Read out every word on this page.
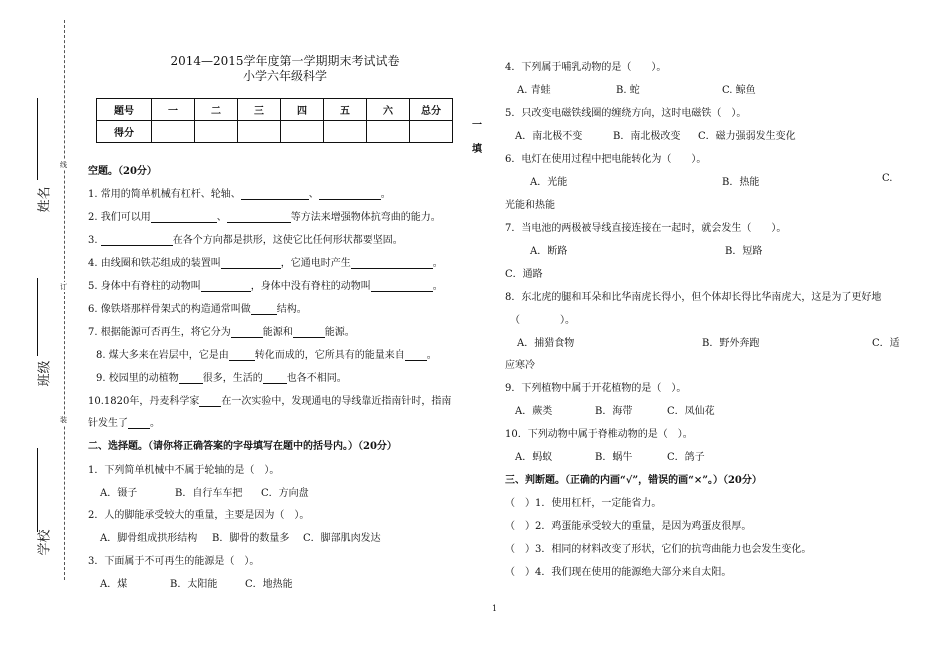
线
订
装
姓名
班级
学校
2014—2015学年度第一学期期末考试试卷
小学六年级科学
题号	一	二	三	四	五	六	总分
得分							
一
填
空题。（20分）
1. 常用的简单机械有杠杆、轮轴、	、	。
2. 我们可以用	、	等方法来增强物体抗弯曲的能力。
3.	在各个方向都是拱形，这使它比任何形状都要坚固。
4. 由线圈和铁芯组成的装置叫	，它通电时产生	。
5. 身体中有脊柱的动物叫	，身体中没有脊柱的动物叫	。
6. 像铁塔那样骨架式的构造通常叫做	结构。
7. 根据能源可否再生，将它分为	能源和	能源。
8. 煤大多来在岩层中，它是由	转化而成的，它所具有的能量来自 。
9. 校园里的动植物 很多，生活的 也各不相同。
10.1820年，丹麦科学家 在一次实验中，发现通电的导线靠近指南针时，指南
针发生了 。
二、选择题。（请你将正确答案的字母填写在题中的括号内。）（20分）
1．下列简单机械中不属于轮轴的是（　）。
A．镊子	B．自行车车把 C．方向盘
2．人的脚能承受较大的重量，主要是因为（　）。
A．脚骨组成拱形结构 B．脚骨的数量多 C．脚部肌肉发达
3．下面属于不可再生的能源是（　）。
A．煤	B．太阳能	C．地热能
4．下列属于哺乳动物的是（　　）。
A. 青蛙	B. 蛇	C. 鲸鱼
5．只改变电磁铁线圈的缠绕方向，这时电磁铁（　）。
A．南北极不变	B．南北极改变 C．磁力强弱发生变化
6．电灯在使用过程中把电能转化为（　　）。
A．光能	B．热能	C.
光能和热能
7．当电池的两极被导线直接连接在一起时，就会发生（　　）。
A．断路	B．短路
C．通路
8．东北虎的腿和耳朵和比华南虎长得小，但个体却长得比华南虎大，这是为了更好地
（　　　　）。
A．捕猎食物	B．野外奔跑	C．适
应寒冷
9．下列植物中属于开花植物的是（　）。
A．蕨类	B．海带	C．凤仙花
10．下列动物中属于脊椎动物的是（　）。
A．蚂蚁	B．蜗牛	C．鸽子
三、判断题。（正确的内画“√”，错误的画“×”。）（20分）
（　）1．使用杠杆，一定能省力。
（　）2．鸡蛋能承受较大的重量，是因为鸡蛋皮很厚。
（　）3．相同的材料改变了形状，它们的抗弯曲能力也会发生变化。
（　）4．我们现在使用的能源绝大部分来自太阳。
1
